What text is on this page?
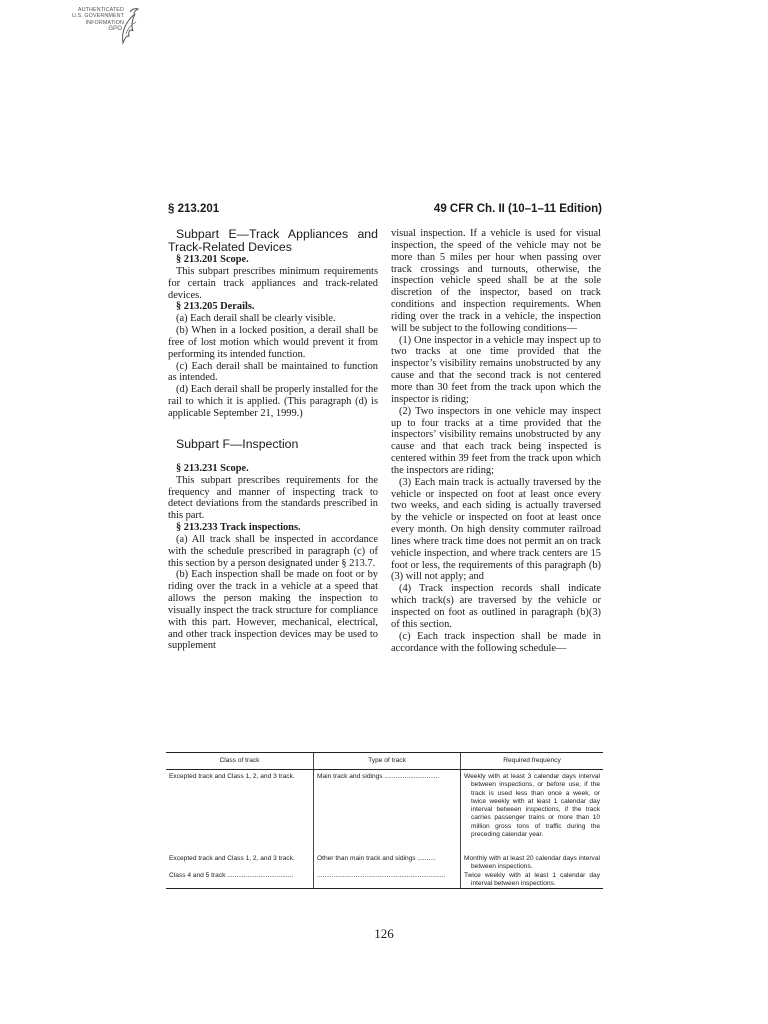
AUTHENTICATED
U.S. GOVERNMENT
INFORMATION
GPO
§ 213.201	49 CFR Ch. II (10–1–11 Edition)

Subpart E—Track Appliances and Track-Related Devices

§ 213.201 Scope.

This subpart prescribes minimum requirements for certain track appliances and track-related devices.

§ 213.205 Derails.

(a) Each derail shall be clearly visible.

(b) When in a locked position, a derail shall be free of lost motion which would prevent it from performing its intended function.

(c) Each derail shall be maintained to function as intended.

(d) Each derail shall be properly installed for the rail to which it is applied. (This paragraph (d) is applicable September 21, 1999.)

Subpart F—Inspection

§ 213.231 Scope.

This subpart prescribes requirements for the frequency and manner of inspecting track to detect deviations from the standards prescribed in this part.

§ 213.233 Track inspections.

(a) All track shall be inspected in accordance with the schedule prescribed in paragraph (c) of this section by a person designated under § 213.7.

(b) Each inspection shall be made on foot or by riding over the track in a vehicle at a speed that allows the person making the inspection to visually inspect the track structure for compliance with this part. However, mechanical, electrical, and other track inspection devices may be used to supplement

visual inspection. If a vehicle is used for visual inspection, the speed of the vehicle may not be more than 5 miles per hour when passing over track crossings and turnouts, otherwise, the inspection vehicle speed shall be at the sole discretion of the inspector, based on track conditions and inspection requirements. When riding over the track in a vehicle, the inspection will be subject to the following conditions—

(1) One inspector in a vehicle may inspect up to two tracks at one time provided that the inspector’s visibility remains unobstructed by any cause and that the second track is not centered more than 30 feet from the track upon which the inspector is riding;

(2) Two inspectors in one vehicle may inspect up to four tracks at a time provided that the inspectors’ visibility remains unobstructed by any cause and that each track being inspected is centered within 39 feet from the track upon which the inspectors are riding;

(3) Each main track is actually traversed by the vehicle or inspected on foot at least once every two weeks, and each siding is actually traversed by the vehicle or inspected on foot at least once every month. On high density commuter railroad lines where track time does not permit an on track vehicle inspection, and where track centers are 15 foot or less, the requirements of this paragraph (b)(3) will not apply; and

(4) Track inspection records shall indicate which track(s) are traversed by the vehicle or inspected on foot as outlined in paragraph (b)(3) of this section.

(c) Each track inspection shall be made in accordance with the following schedule—

Class of track	Type of track	Required frequency

Excepted track and Class 1, 2, and 3 track.	Main track and sidings ..............................	Weekly with at least 3 calendar days interval between inspections, or before use, if the track is used less than once a week, or twice weekly with at least 1 calendar day interval between inspections, if the track carries passenger trains or more than 10 million gross tons of traffic during the preceding calendar year.

Excepted track and Class 1, 2, and 3 track.	Other than main track and sidings ..........	Monthly with at least 20 calendar days interval between inspections.

Class 4 and 5 track ....................................	......................................................................	Twice weekly with at least 1 calendar day interval between inspections.
126
